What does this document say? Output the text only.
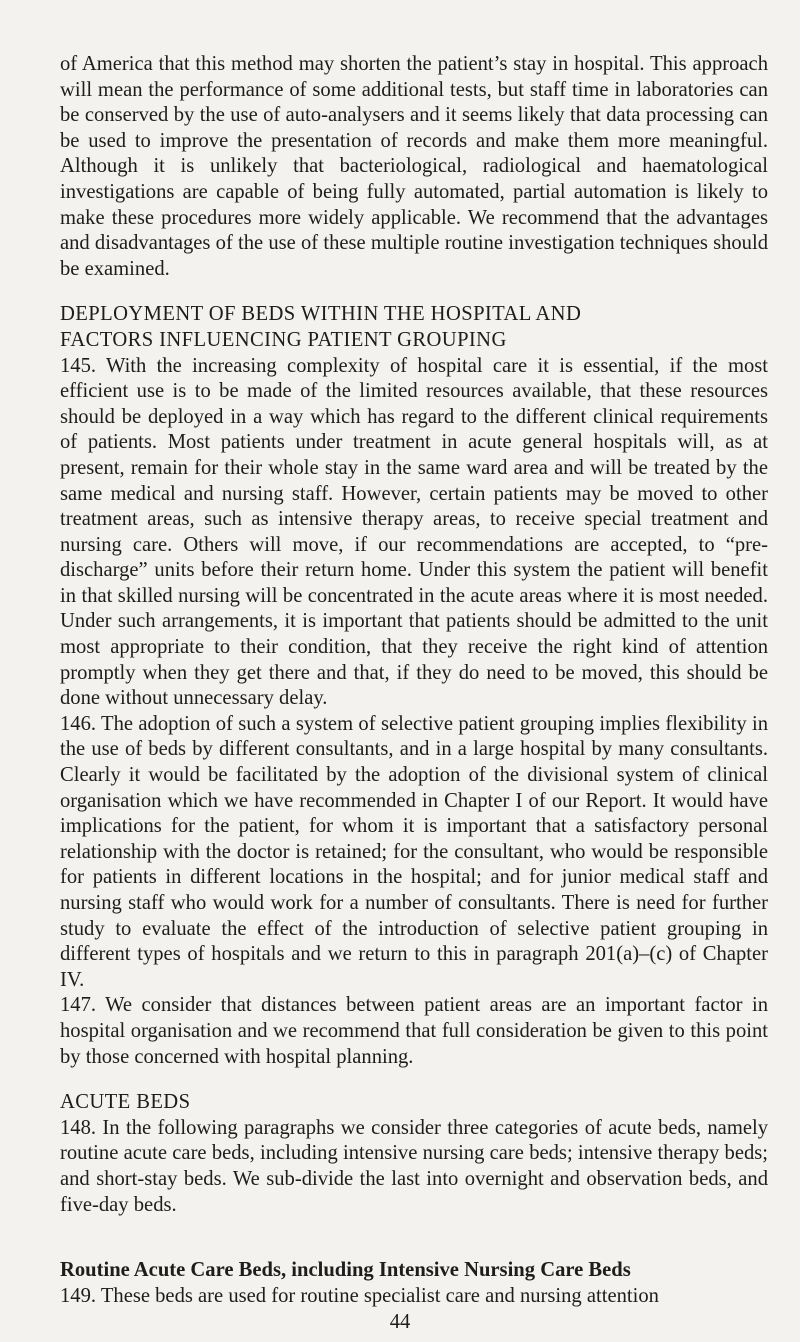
of America that this method may shorten the patient’s stay in hospital. This approach will mean the performance of some additional tests, but staff time in laboratories can be conserved by the use of auto-analysers and it seems likely that data processing can be used to improve the presentation of records and make them more meaningful. Although it is unlikely that bacteriological, radiological and haematological investigations are capable of being fully automated, partial automation is likely to make these procedures more widely applicable. We recommend that the advantages and disadvantages of the use of these multiple routine investigation techniques should be examined.

DEPLOYMENT OF BEDS WITHIN THE HOSPITAL AND
FACTORS INFLUENCING PATIENT GROUPING

145. With the increasing complexity of hospital care it is essential, if the most efficient use is to be made of the limited resources available, that these resources should be deployed in a way which has regard to the different clinical requirements of patients. Most patients under treatment in acute general hospitals will, as at present, remain for their whole stay in the same ward area and will be treated by the same medical and nursing staff. However, certain patients may be moved to other treatment areas, such as intensive therapy areas, to receive special treatment and nursing care. Others will move, if our recommendations are accepted, to “pre-discharge” units before their return home. Under this system the patient will benefit in that skilled nursing will be concentrated in the acute areas where it is most needed. Under such arrangements, it is important that patients should be admitted to the unit most appropriate to their condition, that they receive the right kind of attention promptly when they get there and that, if they do need to be moved, this should be done without unnecessary delay.

146. The adoption of such a system of selective patient grouping implies flexibility in the use of beds by different consultants, and in a large hospital by many consultants. Clearly it would be facilitated by the adoption of the divisional system of clinical organisation which we have recommended in Chapter I of our Report. It would have implications for the patient, for whom it is important that a satisfactory personal relationship with the doctor is retained; for the consultant, who would be responsible for patients in different locations in the hospital; and for junior medical staff and nursing staff who would work for a number of consultants. There is need for further study to evaluate the effect of the introduction of selective patient grouping in different types of hospitals and we return to this in paragraph 201(a)–(c) of Chapter IV.

147. We consider that distances between patient areas are an important factor in hospital organisation and we recommend that full consideration be given to this point by those concerned with hospital planning.

ACUTE BEDS

148. In the following paragraphs we consider three categories of acute beds, namely routine acute care beds, including intensive nursing care beds; intensive therapy beds; and short-stay beds. We sub-divide the last into overnight and observation beds, and five-day beds.

Routine Acute Care Beds, including Intensive Nursing Care Beds

149. These beds are used for routine specialist care and nursing attention

44
